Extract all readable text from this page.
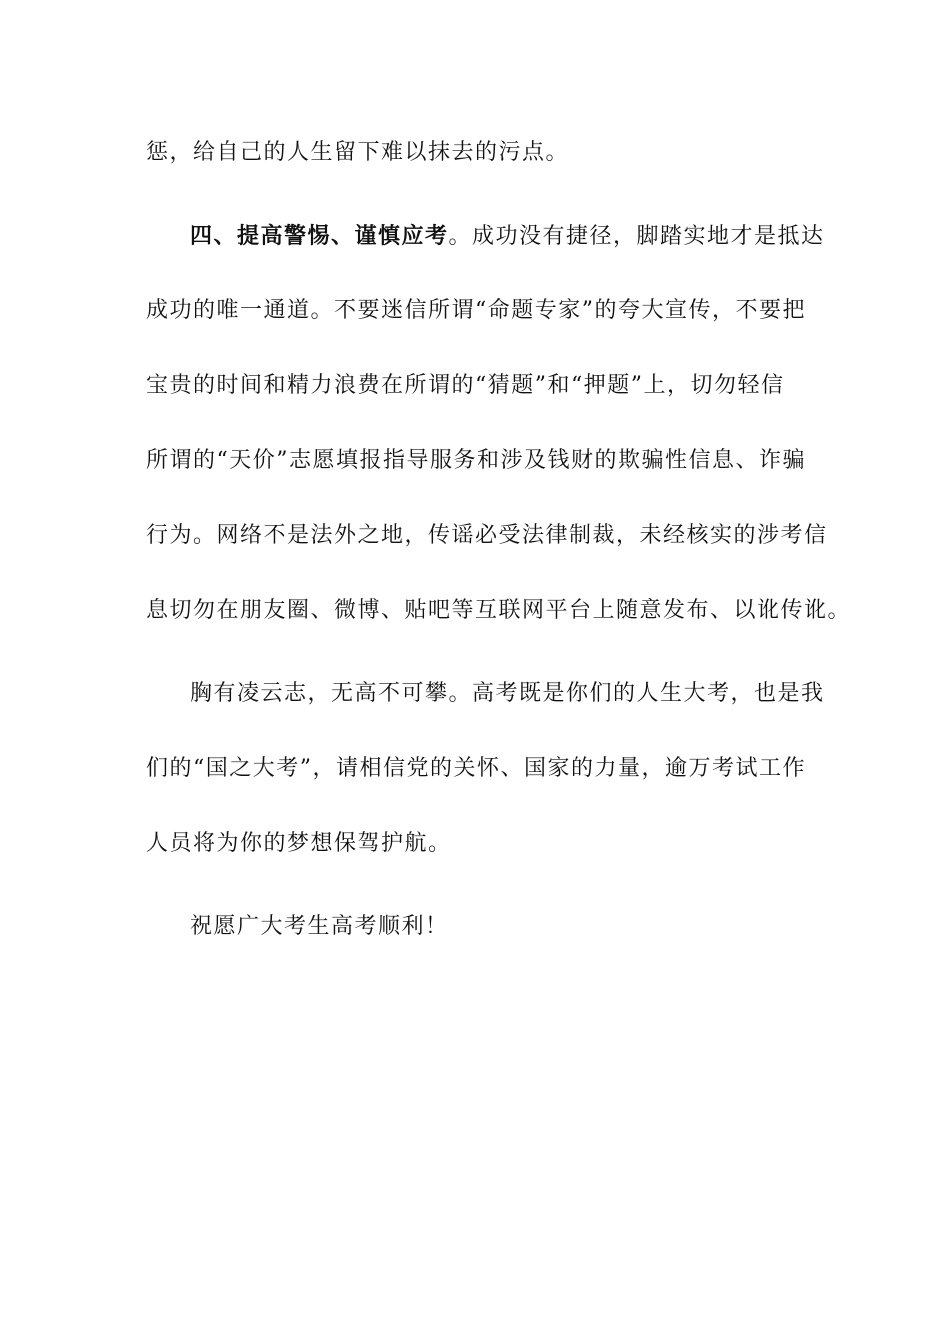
惩，给自己的人生留下难以抹去的污点。
四、提高警惕、谨慎应考。成功没有捷径，脚踏实地才是抵达
成功的唯一通道。不要迷信所谓“命题专家”的夸大宣传，不要把
宝贵的时间和精力浪费在所谓的“猜题”和“押题”上，切勿轻信
所谓的“天价”志愿填报指导服务和涉及钱财的欺骗性信息、诈骗
行为。网络不是法外之地，传谣必受法律制裁，未经核实的涉考信
息切勿在朋友圈、微博、贴吧等互联网平台上随意发布、以讹传讹。
胸有凌云志，无高不可攀。高考既是你们的人生大考，也是我
们的“国之大考”，请相信党的关怀、国家的力量，逾万考试工作
人员将为你的梦想保驾护航。
祝愿广大考生高考顺利！
